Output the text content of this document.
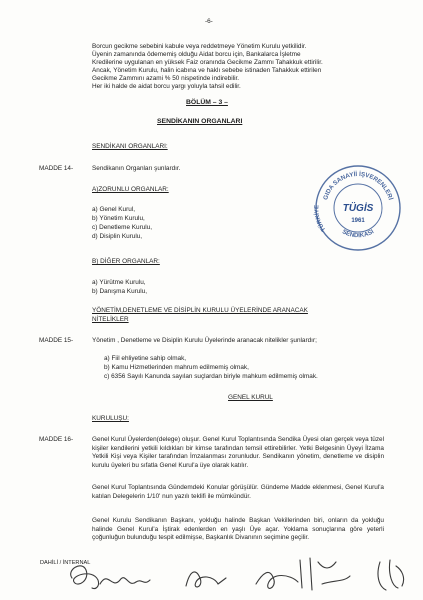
-6-
Borcun gecikme sebebini kabule veya reddetmeye Yönetim Kurulu yetkilidir.
Üyenin zamanında ödememiş olduğu Aidat borcu için, Bankalarca İşletme
Kredilerine uygulanan en yüksek Faiz oranında Gecikme Zammı Tahakkuk ettirilir.
Ancak, Yönetim Kurulu, halin icabına ve haklı sebebe istinaden Tahakkuk ettirilen
Gecikme Zammını azami % 50 nispetinde indirebilir.
Her iki halde de aidat borcu yargı yoluyla tahsil edilir.
BÖLÜM – 3 –
SENDİKANIN ORGANLARI
SENDİKANI ORGANLARI:
MADDE 14-	Sendikanın Organları şunlardır.
A)ZORUNLU ORGANLAR:
a) Genel Kurul,
b) Yönetim Kurulu,
c) Denetleme Kurulu,
d) Disiplin Kurulu,
B) DİĞER ORGANLAR:
a) Yürütme Kurulu,
b) Danışma Kurulu,
YÖNETİM,DENETLEME VE DİSİPLİN KURULU ÜYELERİNDE ARANACAK
NİTELİKLER
MADDE 15-	Yönetim , Denetleme ve Disiplin Kurulu Üyelerinde aranacak nitelikler şunlardır;
a) Fiil ehliyetine sahip olmak,
b) Kamu Hizmetlerinden mahrum edilmemiş olmak,
c) 6356 Sayılı Kanunda sayılan suçlardan biriyle mahkum edilmemiş olmak.
GENEL KURUL
KURULUŞU:
MADDE 16-	Genel Kurul Üyelerden(delege) oluşur. Genel Kurul Toplantısında Sendika Üyesi olan gerçek veya tüzel kişiler kendilerini yetkili kıldıkları bir kimse tarafından temsil ettirebilirler. Yetki Belgesinin Üyeyi İlzama Yetkili Kişi veya Kişiler tarafından İmzalanması zorunludur. Sendikanın yönetim, denetleme ve disiplin kurulu üyeleri bu sıfatla Genel Kurul'a üye olarak katılır.
Genel Kurul Toplantısında Gündemdeki Konular görüşülür. Gündeme Madde eklenmesi, Genel Kurul'a katılan Delegelerin 1/10' nun yazılı teklifi ile mümkündür.
Genel Kurulu Sendikanın Başkanı, yokluğu halinde Başkan Vekillerinden biri, onların da yokluğu halinde Genel Kurul'a İştirak edenlerden en yaşlı Üye açar. Yoklama sonuçlarına göre yeterli çoğunluğun bulunduğu tespit edilmişse, Başkanlık Divanının seçimine geçilir.
DAHİLİ / İNTERNAL
GIDA SANAYİİ İŞVERENLERİ
TÜRKİYE
SENDİKASI
TÜGİS
1961
